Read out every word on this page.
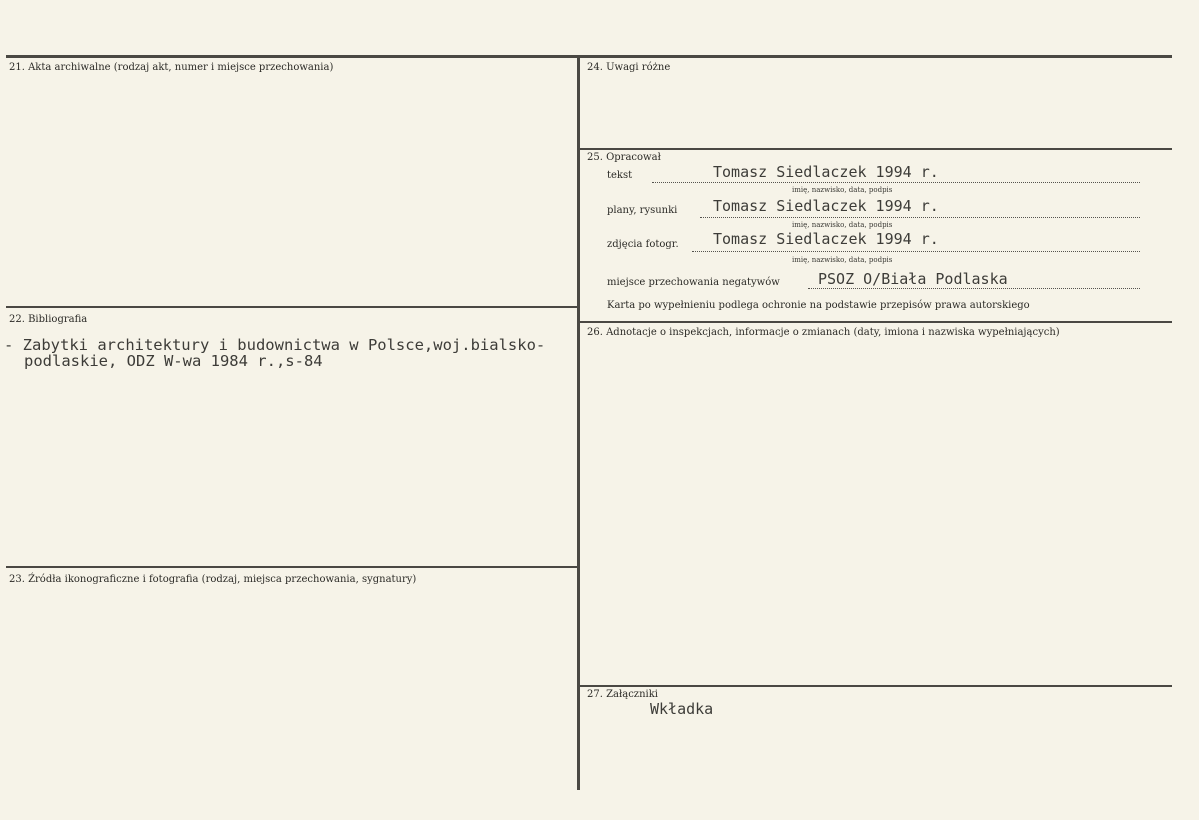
21. Akta archiwalne (rodzaj akt, numer i miejsce przechowania)
22. Bibliografia
- Zabytki architektury i budownictwa w Polsce,woj.bialsko-
podlaskie, ODZ W-wa 1984 r.,s-84
23. Źródła ikonograficzne i fotografia (rodzaj, miejsca przechowania, sygnatury)
24. Uwagi różne
25. Opracował
tekst	Tomasz Siedlaczek 1994 r.
imię, nazwisko, data, podpis
plany, rysunki Tomasz Siedlaczek 1994 r.
imię, nazwisko, data, podpis
zdjęcia fotogr. Tomasz Siedlaczek 1994 r.
imię, nazwisko, data, podpis
miejsce przechowania negatywów	PSOZ O/Biała Podlaska
Karta po wypełnieniu podlega ochronie na podstawie przepisów prawa autorskiego
26. Adnotacje o inspekcjach, informacje o zmianach (daty, imiona i nazwiska wypełniających)
27. Załączniki
Wkładka
